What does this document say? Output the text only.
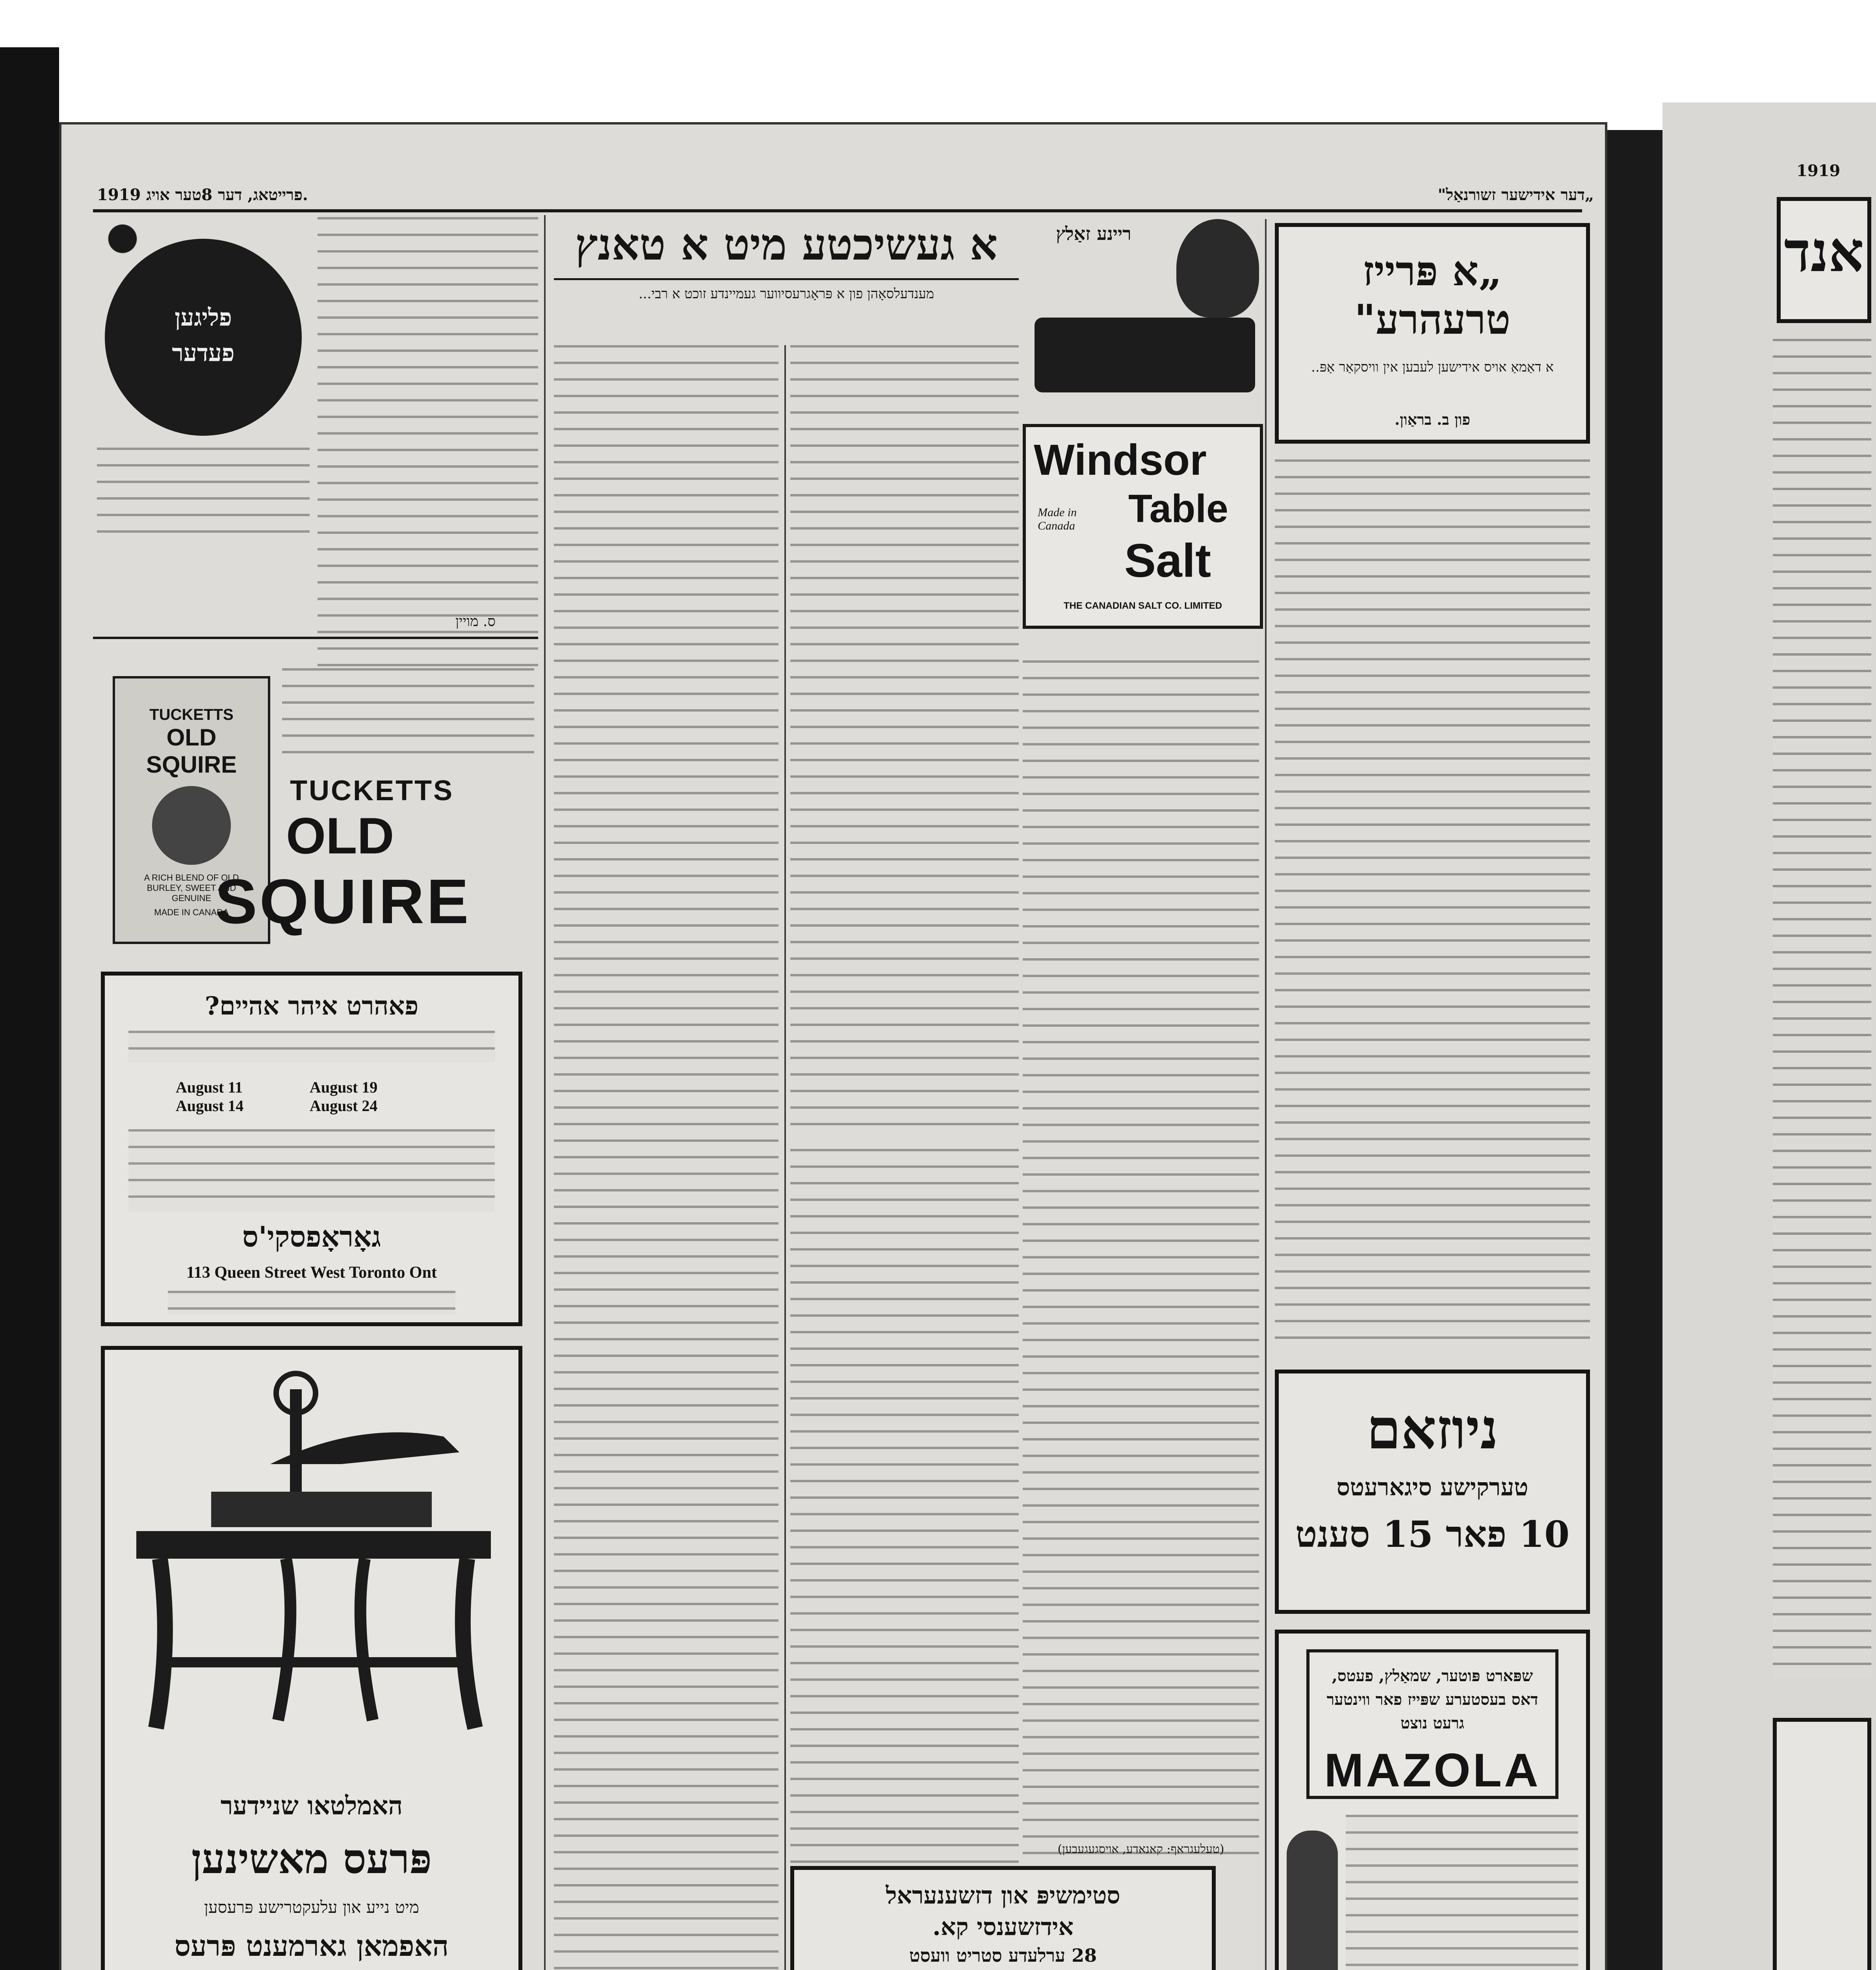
1919
אנד
„דער אידישער זשורנאַל"
1919 פרייטאג, דער 8טער אויג.
פליגען
פעדער
ס. מויין
TUCKETTS
OLD
SQUIRE
A RICH BLEND OF OLD BURLEY, SWEET AND GENUINE
MADE IN CANADA
TUCKETTS
OLD
SQUIRE
פאהרט איהר אהיים?
August 11	August 19
August 14	August 24
גאָראָפסקי'ס
113 Queen Street West Toronto Ont
האמלטאו שניידער
פּרעס מאשינען
מיט נייע און עלעקטרישע פּרעסען
האפמאן גארמענט פּרעס
א געשיכטע מיט א טאנץ
מענדעלסאָהן פון א פּראָגרעסיווער געמיינדע זוכט א רבי...
סטימשיפּ און דזשענעראל
אידזשענסי קא.
28 ערלעדע סטריט וועסט
ריינע זאַלץ
Windsor
Table
Salt
Made in Canada
THE CANADIAN SALT CO. LIMITED
„א פּרייז טרעהרע"
א דאַמאַ אויס אידישען לעבען אין וויסקאַר אַפּ..
פון ב. בראַון.
(טעלעגראף: קאנאדע, אויסגעגעבען)
ניוזאם
טערקישע סיגארעטס
10 פאר 15 סענט
שפּארט פּוטער, שמאַלץ, פעטס, דאס בעסטערע שפּייז פאר ווינטער גרעט נוצט
MAZOLA
